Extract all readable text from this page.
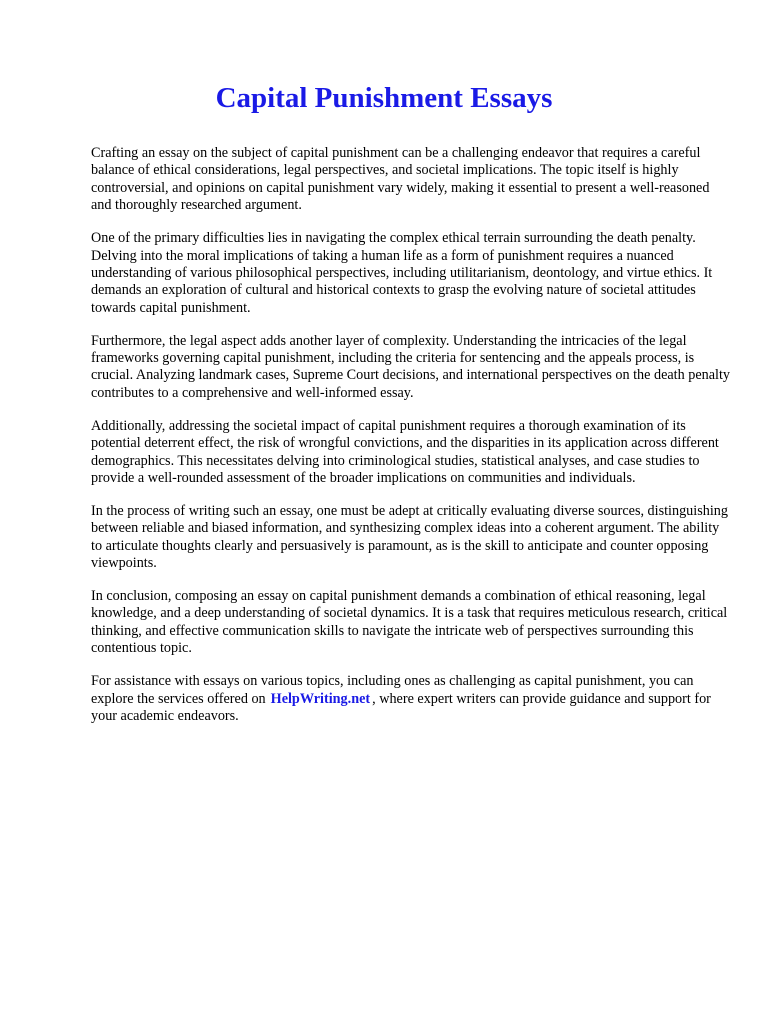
Capital Punishment Essays

Crafting an essay on the subject of capital punishment can be a challenging endeavor that requires a careful balance of ethical considerations, legal perspectives, and societal implications. The topic itself is highly controversial, and opinions on capital punishment vary widely, making it essential to present a well-reasoned and thoroughly researched argument.

One of the primary difficulties lies in navigating the complex ethical terrain surrounding the death penalty. Delving into the moral implications of taking a human life as a form of punishment requires a nuanced understanding of various philosophical perspectives, including utilitarianism, deontology, and virtue ethics. It demands an exploration of cultural and historical contexts to grasp the evolving nature of societal attitudes towards capital punishment.

Furthermore, the legal aspect adds another layer of complexity. Understanding the intricacies of the legal frameworks governing capital punishment, including the criteria for sentencing and the appeals process, is crucial. Analyzing landmark cases, Supreme Court decisions, and international perspectives on the death penalty contributes to a comprehensive and well-informed essay.

Additionally, addressing the societal impact of capital punishment requires a thorough examination of its potential deterrent effect, the risk of wrongful convictions, and the disparities in its application across different demographics. This necessitates delving into criminological studies, statistical analyses, and case studies to provide a well-rounded assessment of the broader implications on communities and individuals.

In the process of writing such an essay, one must be adept at critically evaluating diverse sources, distinguishing between reliable and biased information, and synthesizing complex ideas into a coherent argument. The ability to articulate thoughts clearly and persuasively is paramount, as is the skill to anticipate and counter opposing viewpoints.

In conclusion, composing an essay on capital punishment demands a combination of ethical reasoning, legal knowledge, and a deep understanding of societal dynamics. It is a task that requires meticulous research, critical thinking, and effective communication skills to navigate the intricate web of perspectives surrounding this contentious topic.

For assistance with essays on various topics, including ones as challenging as capital punishment, you can explore the services offered on HelpWriting.net , where expert writers can provide guidance and support for your academic endeavors.
